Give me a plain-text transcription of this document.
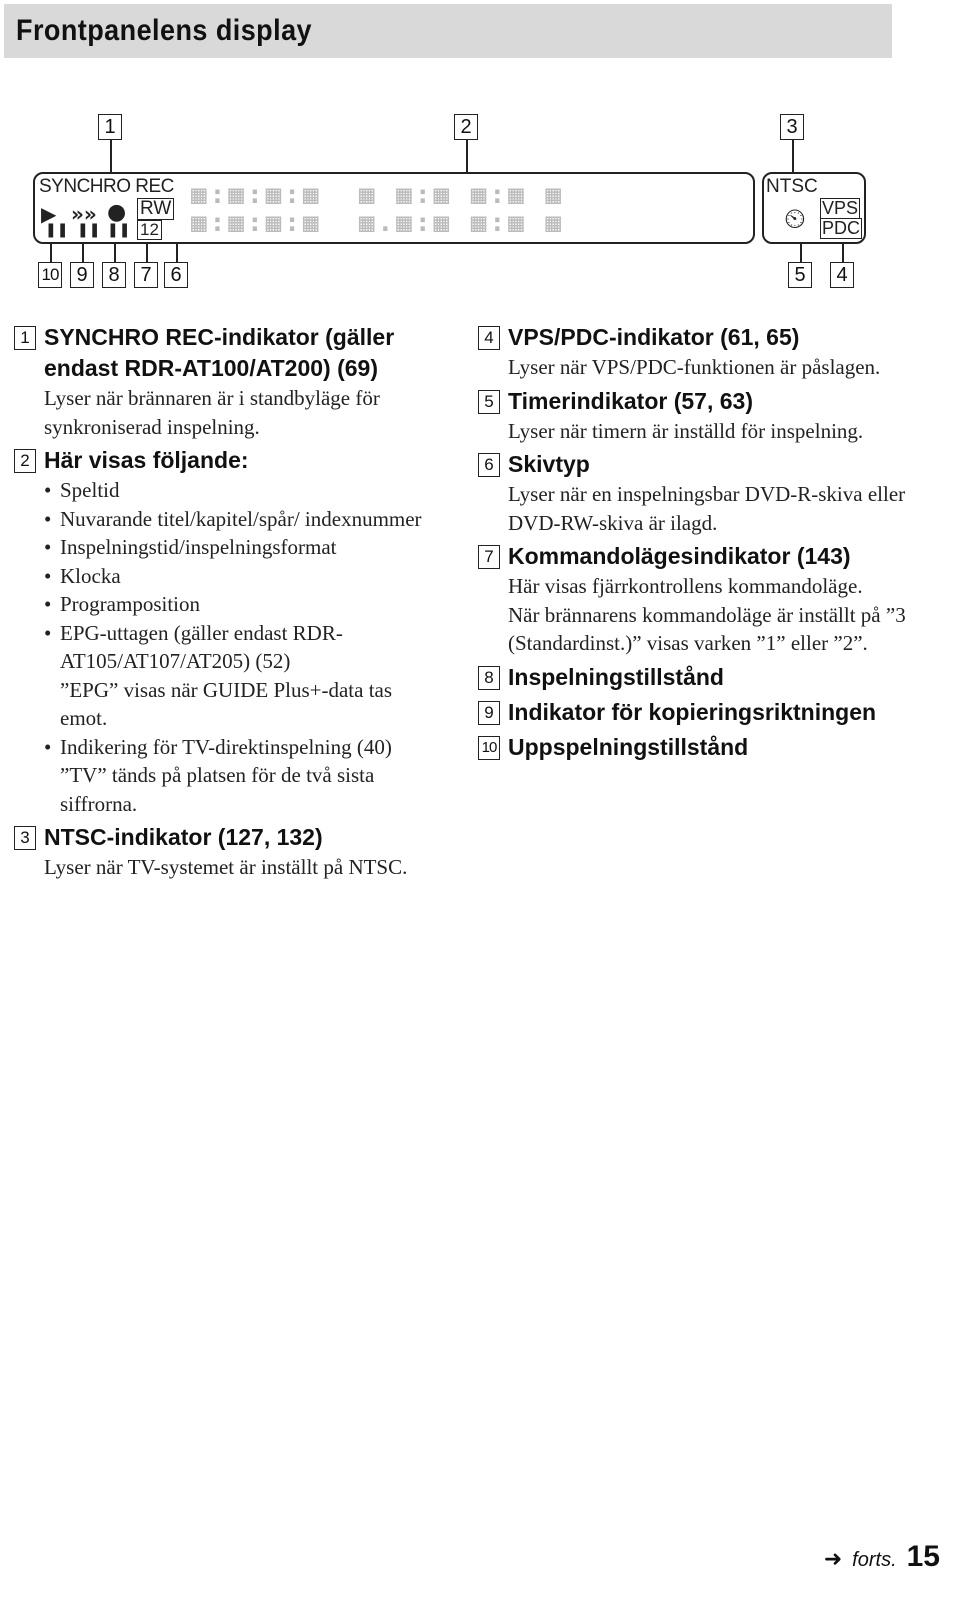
Frontpanelens display
1	2	3
SYNCHRO REC
▶
❚❚
»»
❚❚
●
❚❚
RW
12
▦:▦:▦:▦  ▦ ▦:▦ ▦:▦ ▦
▦:▦:▦:▦  ▦.▦:▦ ▦:▦ ▦
NTSC
⏲ VPS
PDC
10 9	8	7 6	5	4
1 SYNCHRO REC-indikator (gäller endast RDR-AT100/AT200) (69)

Lyser när brännaren är i standbyläge för synkroniserad inspelning.

2 Här visas följande:
• Speltid
• Nuvarande titel/kapitel/spår/ indexnummer
• Inspelningstid/inspelningsformat
• Klocka
• Programposition
• EPG-uttagen (gäller endast RDR-AT105/AT107/AT205) (52)
”EPG” visas när GUIDE Plus+-data tas emot.
• Indikering för TV-direktinspelning (40)
”TV” tänds på platsen för de två sista siffrorna.
3 NTSC-indikator (127, 132)

Lyser när TV-systemet är inställt på NTSC.

4 VPS/PDC-indikator (61, 65)

Lyser när VPS/PDC-funktionen är påslagen.

5 Timerindikator (57, 63)

Lyser när timern är inställd för inspelning.

6 Skivtyp

Lyser när en inspelningsbar DVD-R-skiva eller DVD-RW-skiva är ilagd.

7 Kommandolägesindikator (143)

Här visas fjärrkontrollens kommandoläge.

När brännarens kommandoläge är inställt på ”3 (Standardinst.)” visas varken ”1” eller ”2”.

8 Inspelningstillstånd
9 Indikator för kopieringsriktningen
10 Uppspelningstillstånd
➜ forts. 15
